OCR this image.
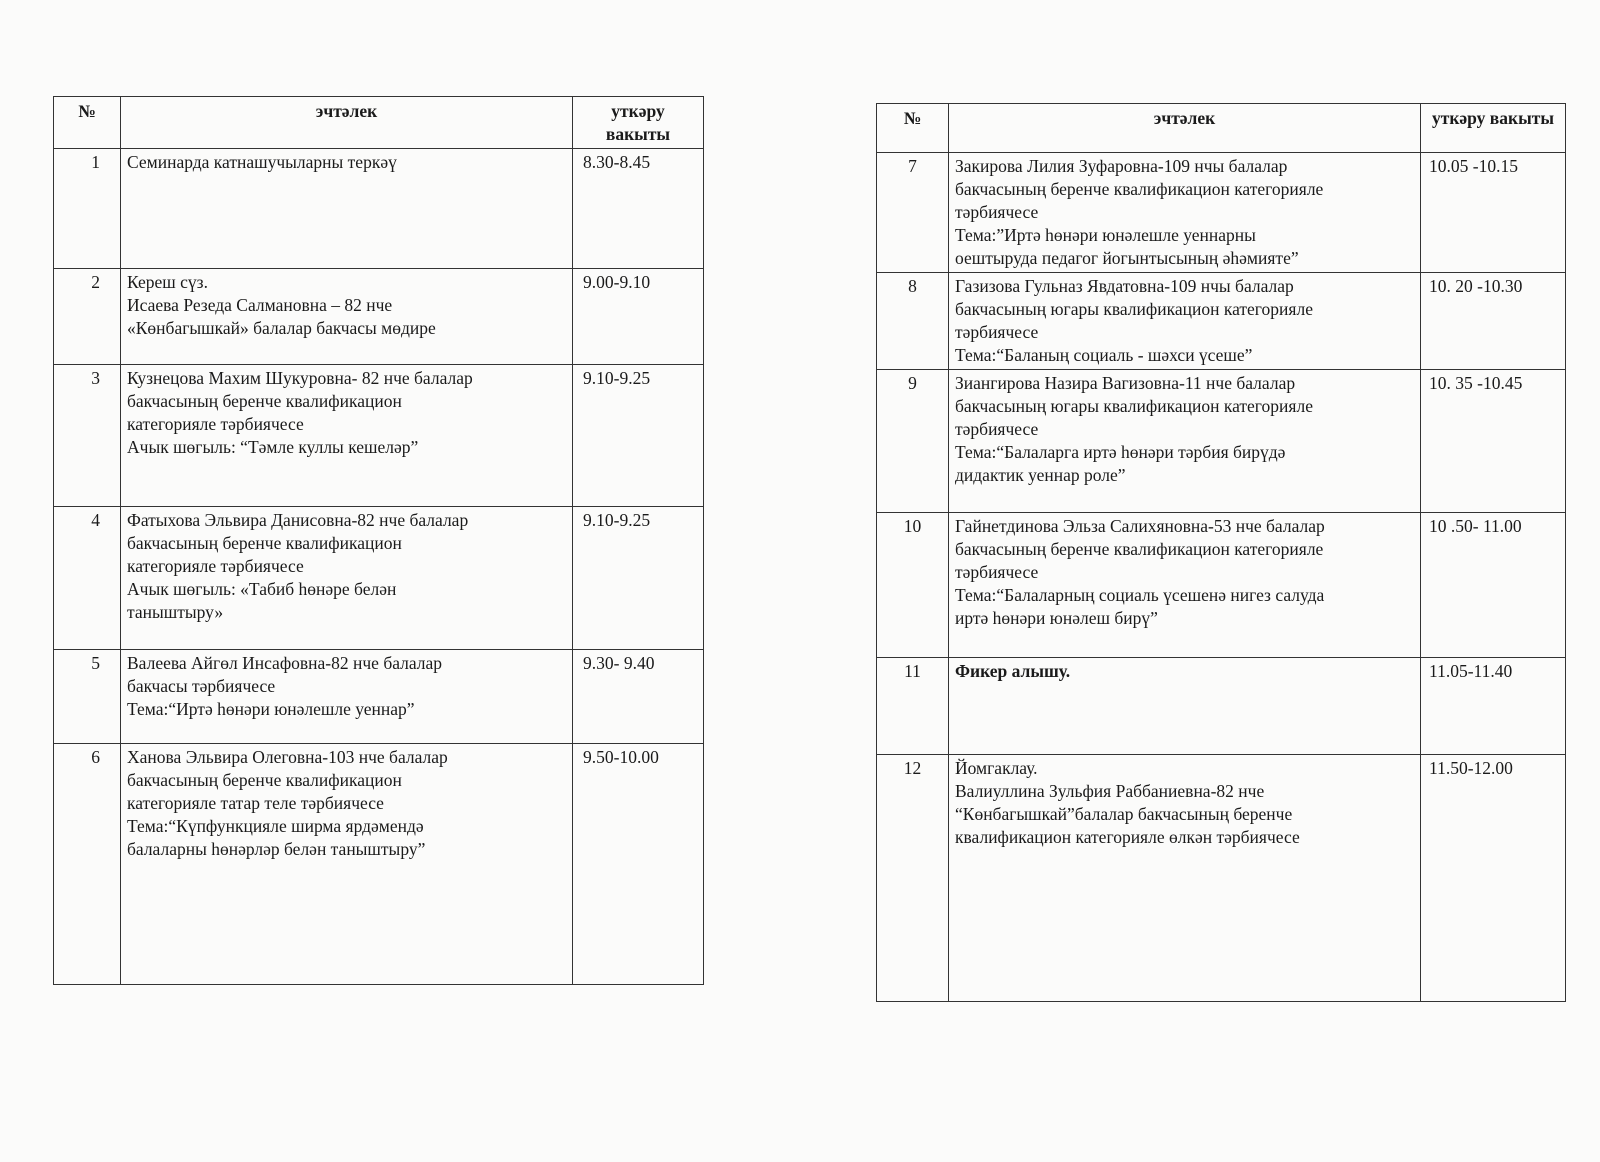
№	эчтәлек	уткәру вакыты
1	Семинарда катнашучыларны теркәү	8.30-8.45
2	Кереш сүз.
Исаева Резеда Салмановна – 82 нче
«Көнбагышкай» балалар бакчасы мөдире	9.00-9.10
3	Кузнецова Махим Шукуровна- 82 нче балалар
бакчасының беренче квалификацион
категорияле тәрбиячесе
Ачык шөгыль: “Тәмле куллы кешеләр”	9.10-9.25
4	Фатыхова Эльвира Данисовна-82 нче балалар
бакчасының беренче квалификацион
категорияле тәрбиячесе
Ачык шөгыль: «Табиб һөнәре белән
таныштыру»	9.10-9.25
5	Валеева Айгөл Инсафовна-82 нче балалар
бакчасы тәрбиячесе
Тема:“Иртә һөнәри юнәлешле уеннар”	9.30- 9.40
6	Ханова Эльвира Олеговна-103 нче балалар
бакчасының беренче квалификацион
категорияле татар теле тәрбиячесе
Тема:“Күпфункцияле ширма ярдәмендә
балаларны һөнәрләр белән таныштыру”	9.50-10.00
№	эчтәлек	уткәру вакыты
7	Закирова Лилия Зуфаровна-109 нчы балалар
бакчасының беренче квалификацион категорияле
тәрбиячесе
Тема:”Иртә һөнәри юнәлешле уеннарны
оештыруда педагог йогынтысының әһәмияте”	10.05 -10.15
8	Газизова Гульназ Явдатовна-109 нчы балалар
бакчасының югары квалификацион категорияле
тәрбиячесе
Тема:“Баланың социаль - шәхси үсеше”	10. 20 -10.30
9	Зиангирова Назира Вагизовна-11 нче балалар
бакчасының югары квалификацион категорияле
тәрбиячесе
Тема:“Балаларга иртә һөнәри тәрбия бирүдә
дидактик уеннар роле”	10. 35 -10.45
10	Гайнетдинова Эльза Салихяновна-53 нче балалар
бакчасының беренче квалификацион категорияле
тәрбиячесе
Тема:“Балаларның социаль үсешенә нигез салуда
иртә һөнәри юнәлеш бирү”	10 .50- 11.00
11	Фикер алышу.	11.05-11.40
12	Йомгаклау.
Валиуллина Зульфия Раббаниевна-82 нче
“Көнбагышкай”балалар бакчасының беренче
квалификацион категорияле өлкән тәрбиячесе	11.50-12.00
